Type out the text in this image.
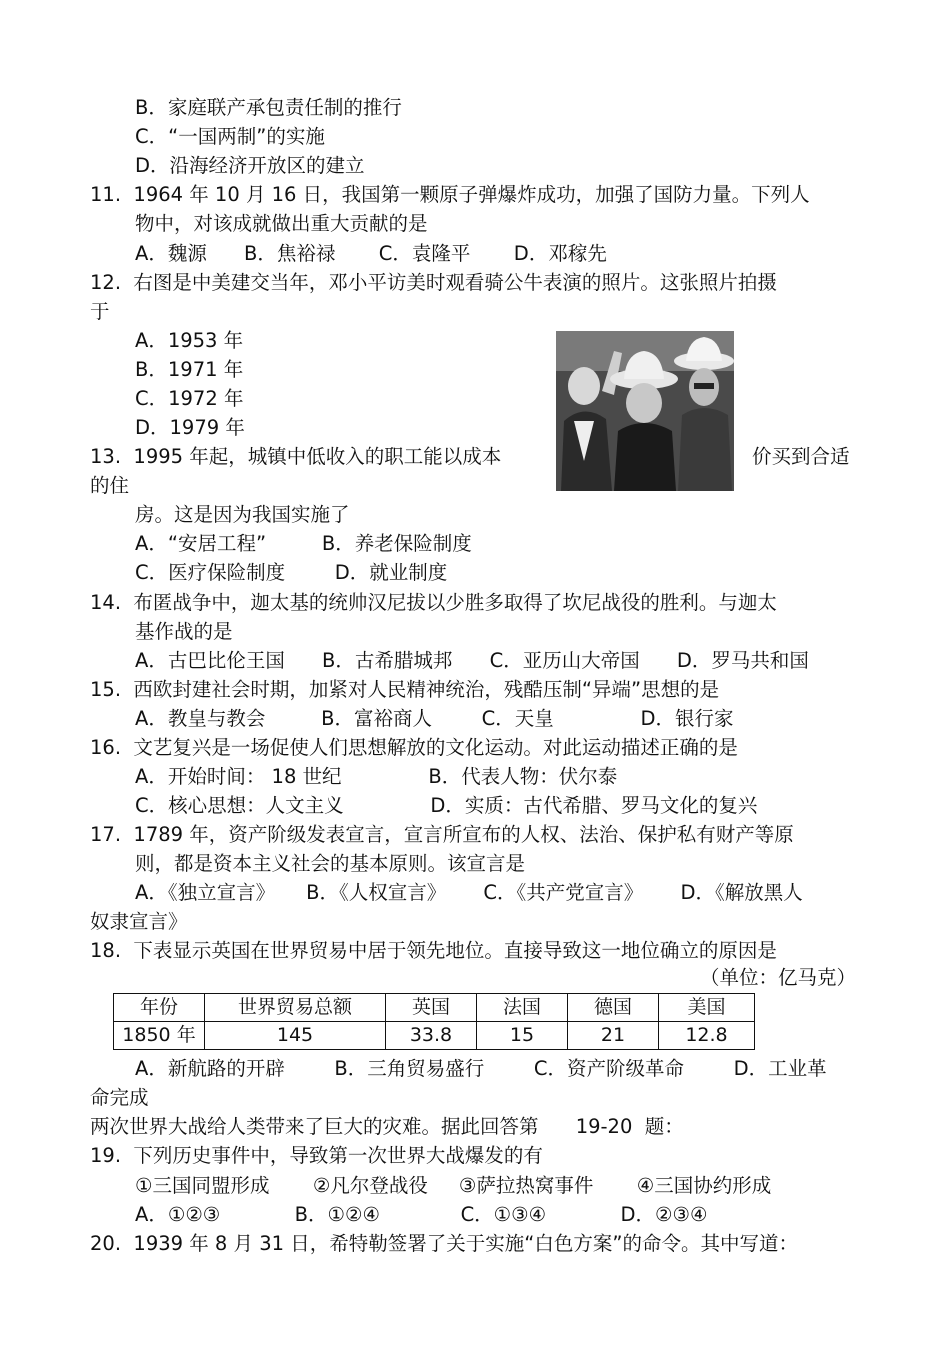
B．家庭联产承包责任制的推行
C．“一国两制”的实施
D．沿海经济开放区的建立
11.  1964 年 10 月 16 日，我国第一颗原子弹爆炸成功，加强了国防力量。下列人
物中，对该成就做出重大贡献的是
A．魏源      B．焦裕禄       C．袁隆平       D．邓稼先
12.  右图是中美建交当年，邓小平访美时观看骑公牛表演的照片。这张照片拍摄
于
A．1953 年
B．1971 年
C．1972 年
D．1979 年
13.  1995 年起，城镇中低收入的职工能以成本	价买到合适
的住
房。这是因为我国实施了
A．“安居工程”         B．养老保险制度
C．医疗保险制度        D．就业制度
14.  布匿战争中，迦太基的统帅汉尼拔以少胜多取得了坎尼战役的胜利。与迦太
基作战的是
A．古巴比伦王国      B．古希腊城邦      C．亚历山大帝国      D．罗马共和国
15.  西欧封建社会时期，加紧对人民精神统治，残酷压制“异端”思想的是
A．教皇与教会         B．富裕商人        C．天皇              D．银行家
16.  文艺复兴是一场促使人们思想解放的文化运动。对此运动描述正确的是
A．开始时间： 18 世纪              B．代表人物：伏尔泰
C．核心思想：人文主义              D．实质：古代希腊、罗马文化的复兴
17.  1789 年，资产阶级发表宣言，宣言所宣布的人权、法治、保护私有财产等原
则，都是资本主义社会的基本原则。该宣言是
A．《独立宣言》     B．《人权宣言》      C．《共产党宣言》      D．《解放黑人
奴隶宣言》
18.  下表显示英国在世界贸易中居于领先地位。直接导致这一地位确立的原因是
（单位：亿马克）
年份	世界贸易总额	英国	法国	德国	美国
1850 年	145	33.8	15	21	12.8
A．新航路的开辟        B．三角贸易盛行        C．资产阶级革命        D．工业革
命完成
两次世界大战给人类带来了巨大的灾难。据此回答第      19-20  题：
19.  下列历史事件中，导致第一次世界大战爆发的有
①三国同盟形成       ②凡尔登战役     ③萨拉热窝事件       ④三国协约形成
A．①②③            B．①②④             C．①③④            D．②③④
20.  1939 年 8 月 31 日，希特勒签署了关于实施“白色方案”的命令。其中写道：
